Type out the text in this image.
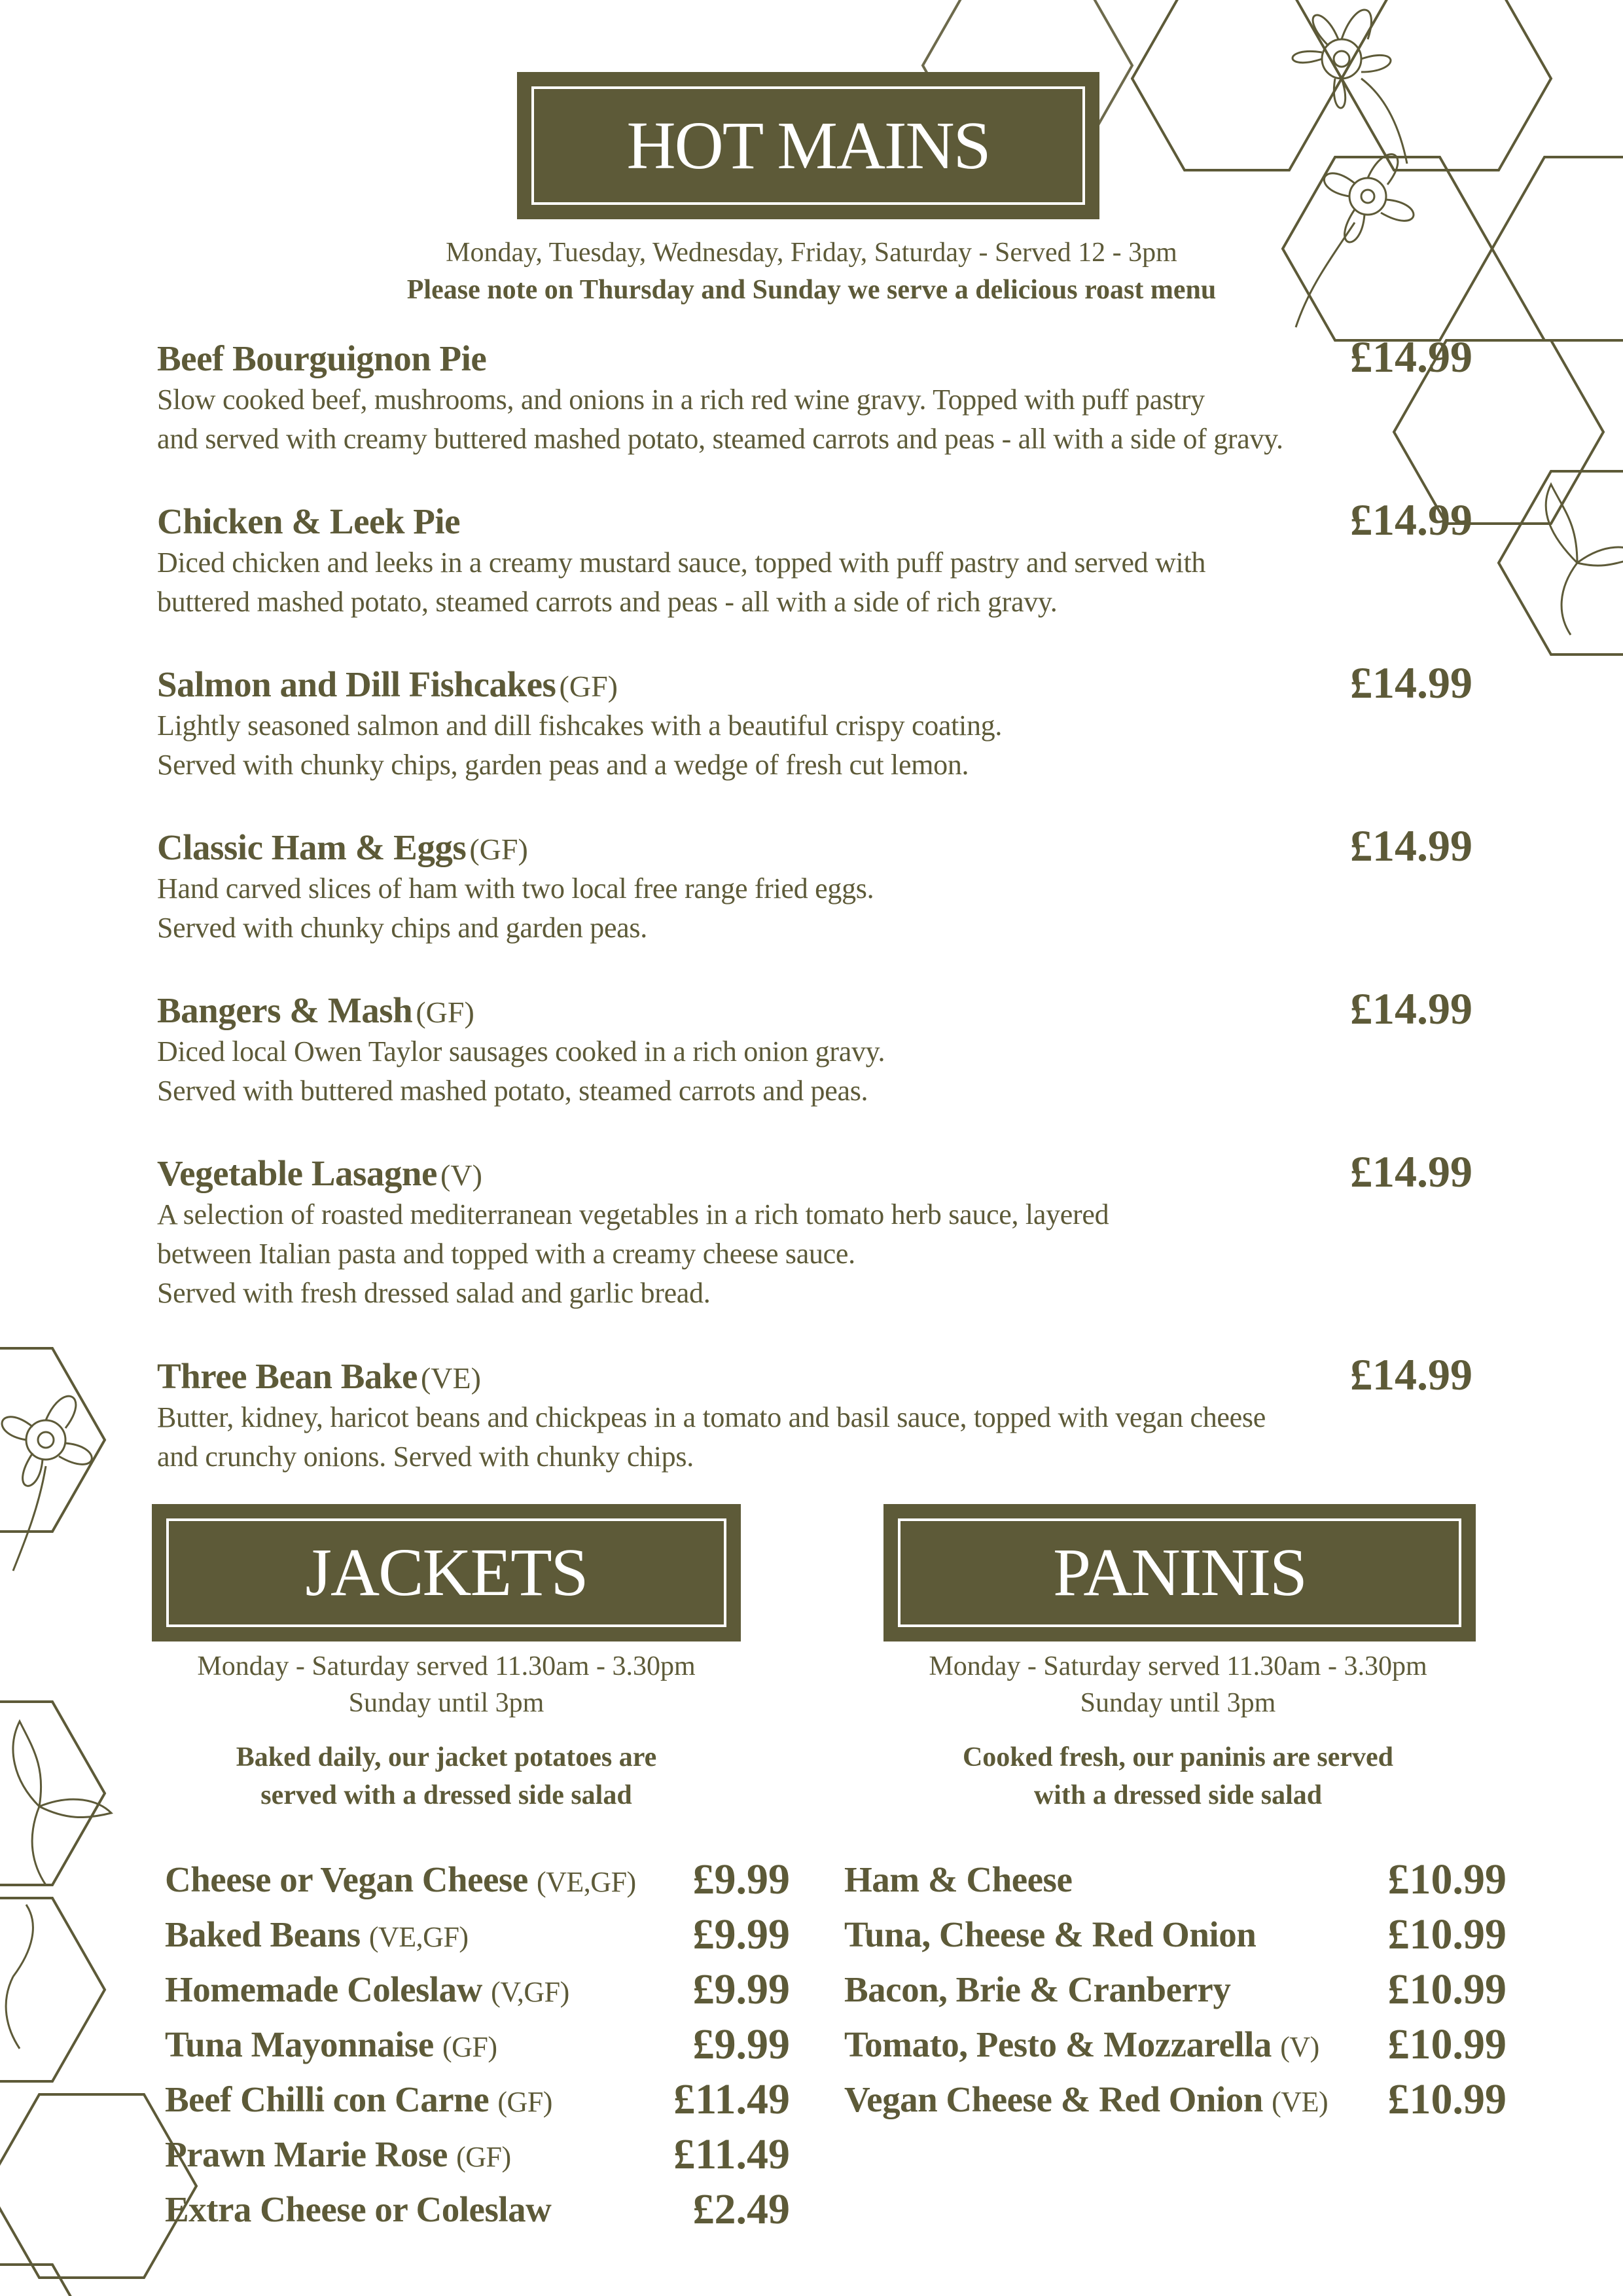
HOT MAINS
Monday, Tuesday, Wednesday, Friday, Saturday - Served 12 - 3pm
Please note on Thursday and Sunday we serve a delicious roast menu
Beef Bourguignon Pie	£14.99
Slow cooked beef, mushrooms, and onions in a rich red wine gravy. Topped with puff pastry
and served with creamy buttered mashed potato, steamed carrots and peas - all with a side of gravy.
Chicken & Leek Pie	£14.99
Diced chicken and leeks in a creamy mustard sauce, topped with puff pastry and served with
buttered mashed potato, steamed carrots and peas - all with a side of rich gravy.
Salmon and Dill Fishcakes (GF)	£14.99
Lightly seasoned salmon and dill fishcakes with a beautiful crispy coating.
Served with chunky chips, garden peas and a wedge of fresh cut lemon.
Classic Ham & Eggs (GF)	£14.99
Hand carved slices of ham with two local free range fried eggs.
Served with chunky chips and garden peas.
Bangers & Mash (GF)	£14.99
Diced local Owen Taylor sausages cooked in a rich onion gravy.
Served with buttered mashed potato, steamed carrots and peas.
Vegetable Lasagne (V)	£14.99
A selection of roasted mediterranean vegetables in a rich tomato herb sauce, layered
between Italian pasta and topped with a creamy cheese sauce.
Served with fresh dressed salad and garlic bread.
Three Bean Bake (VE)	£14.99
Butter, kidney, haricot beans and chickpeas in a tomato and basil sauce, topped with vegan cheese
and crunchy onions. Served with chunky chips.
JACKETS
Monday - Saturday served 11.30am - 3.30pm
Sunday until 3pm
Baked daily, our jacket potatoes are
served with a dressed side salad
PANINIS
Monday - Saturday served 11.30am - 3.30pm
Sunday until 3pm
Cooked fresh, our paninis are served
with a dressed side salad
Cheese or Vegan Cheese (VE,GF) £9.99
Baked Beans (VE,GF)	£9.99
Homemade Coleslaw (V,GF)	£9.99
Tuna Mayonnaise (GF)	£9.99
Beef Chilli con Carne (GF)	£11.49
Prawn Marie Rose (GF)	£11.49
Extra Cheese or Coleslaw	£2.49
Ham & Cheese	£10.99
Tuna, Cheese & Red Onion	£10.99
Bacon, Brie & Cranberry	£10.99
Tomato, Pesto & Mozzarella (V) £10.99
Vegan Cheese & Red Onion (VE) £10.99
